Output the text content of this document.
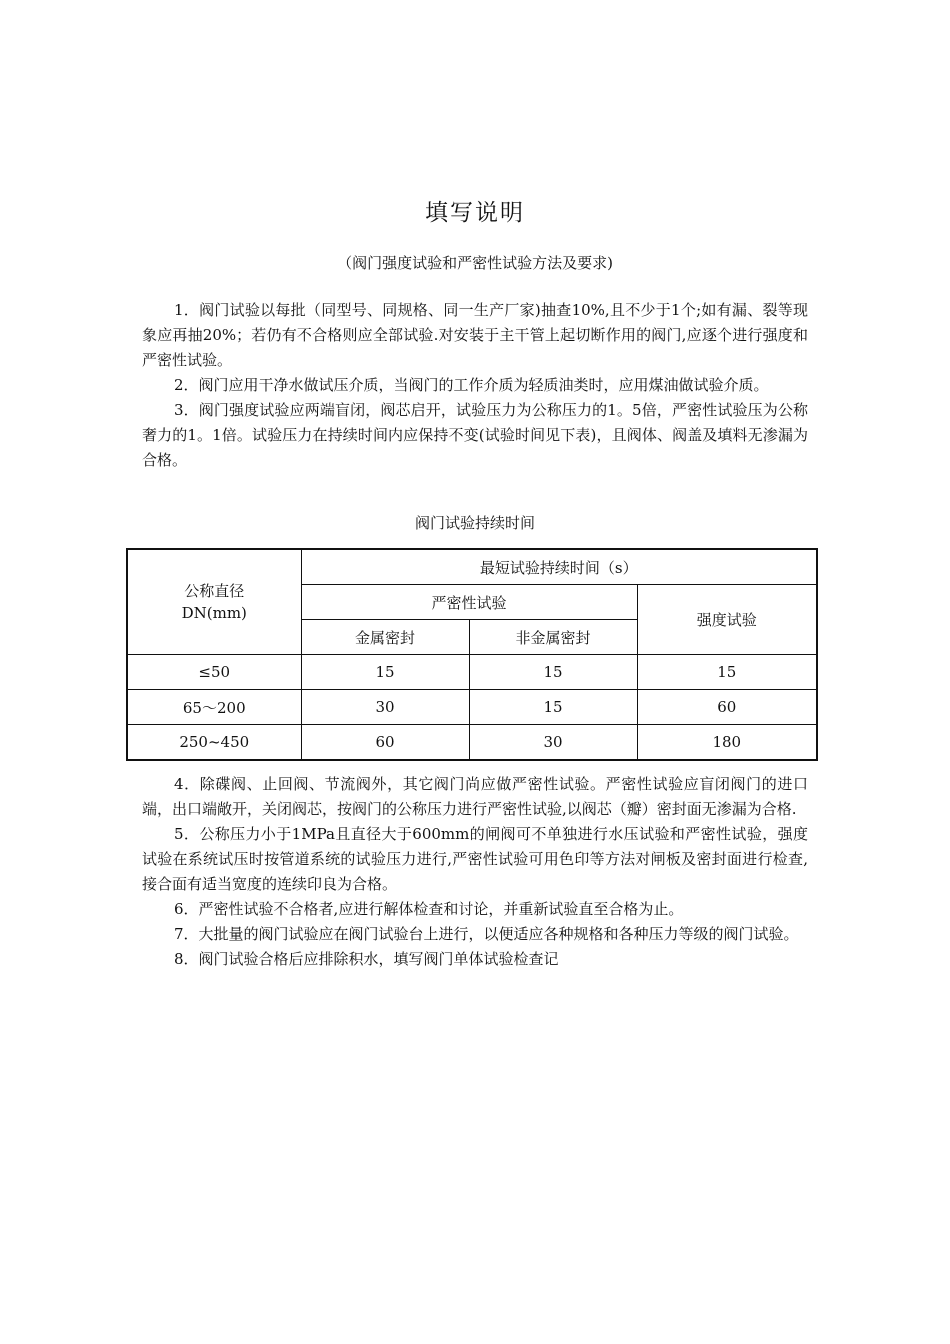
填写说明
（阀门强度试验和严密性试验方法及要求)

1．阀门试验以每批（同型号、同规格、同一生产厂家)抽查10%,且不少于1个;如有漏、裂等现象应再抽20%；若仍有不合格则应全部试验.对安装于主干管上起切断作用的阀门,应逐个进行强度和严密性试验。

2．阀门应用干净水做试压介质，当阀门的工作介质为轻质油类时，应用煤油做试验介质。

3．阀门强度试验应两端盲闭，阀芯启开，试验压力为公称压力的1。5倍，严密性试验压为公称奢力的1。1倍。试验压力在持续时间内应保持不变(试验时间见下表)，且阀体、阀盖及填料无渗漏为合格。

阀门试验持续时间
公称直径
DN(mm)	最短试验持续时间（s）		
	严密性试验		强度试验
	金属密封	非金属密封	
≤50	15	15	15
65～200	30	15	60
250~450	60	30	180

4．除碟阀、止回阀、节流阀外，其它阀门尚应做严密性试验。严密性试验应盲闭阀门的进口端，出口端敞开，关闭阀芯，按阀门的公称压力进行严密性试验,以阀芯（瓣）密封面无渗漏为合格.

5．公称压力小于1MPa且直径大于600mm的闸阀可不单独进行水压试验和严密性试验，强度试验在系统试压时按管道系统的试验压力进行,严密性试验可用色印等方法对闸板及密封面进行检查,接合面有适当宽度的连续印良为合格。

6．严密性试验不合格者,应进行解体检查和讨论，并重新试验直至合格为止。

7．大批量的阀门试验应在阀门试验台上进行，以便适应各种规格和各种压力等级的阀门试验。

8．阀门试验合格后应排除积水，填写阀门单体试验检查记
